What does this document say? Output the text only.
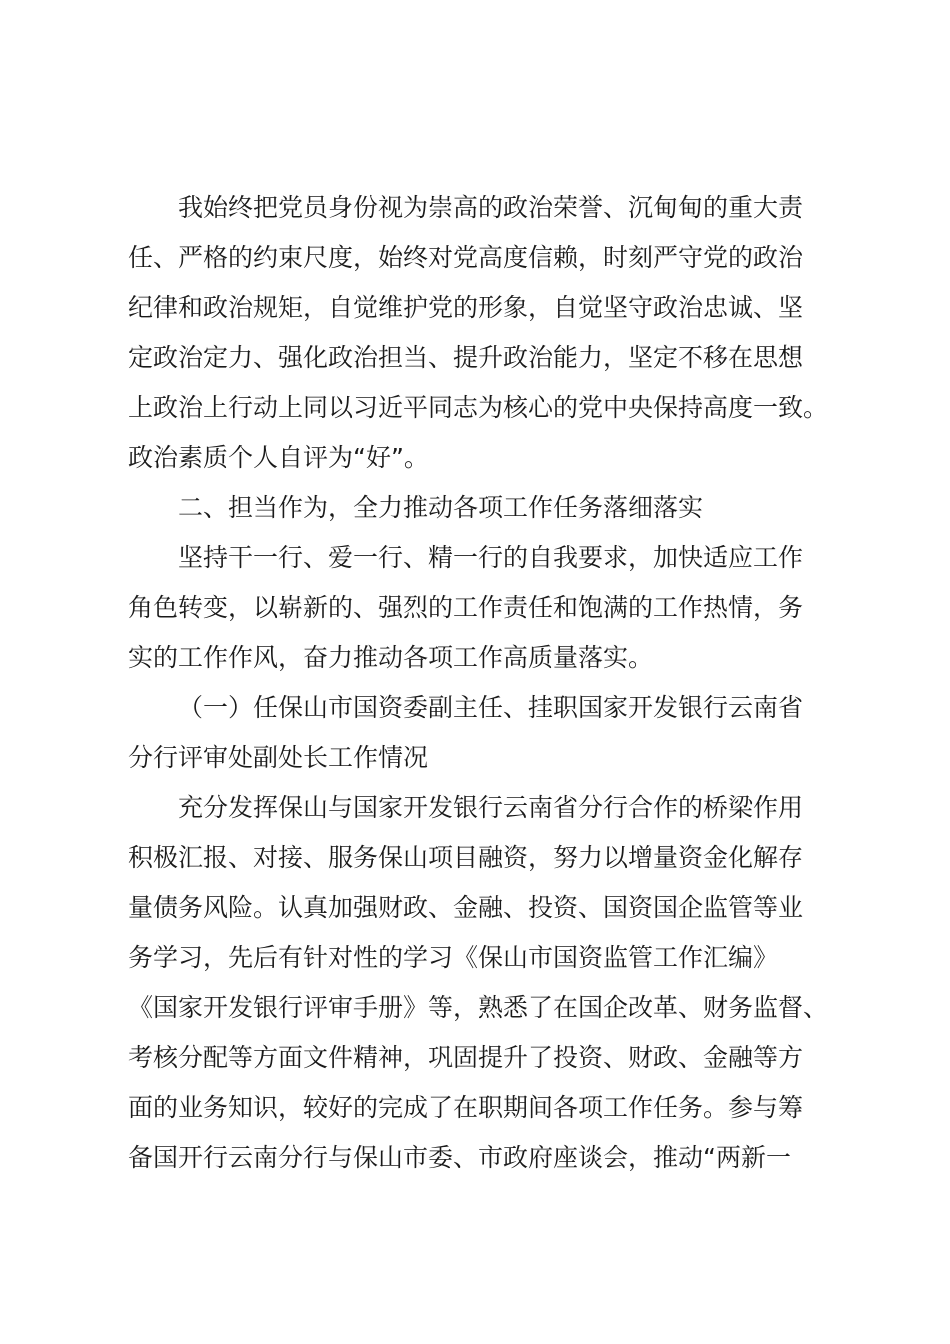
我始终把党员身份视为崇高的政治荣誉、沉甸甸的重大责
任、严格的约束尺度，始终对党高度信赖，时刻严守党的政治
纪律和政治规矩，自觉维护党的形象，自觉坚守政治忠诚、坚
定政治定力、强化政治担当、提升政治能力，坚定不移在思想
上政治上行动上同以习近平同志为核心的党中央保持高度一致。
政治素质个人自评为“好”。
二、担当作为，全力推动各项工作任务落细落实
坚持干一行、爱一行、精一行的自我要求，加快适应工作
角色转变，以崭新的、强烈的工作责任和饱满的工作热情，务
实的工作作风，奋力推动各项工作高质量落实。
（一）任保山市国资委副主任、挂职国家开发银行云南省
分行评审处副处长工作情况
充分发挥保山与国家开发银行云南省分行合作的桥梁作用
积极汇报、对接、服务保山项目融资，努力以增量资金化解存
量债务风险。认真加强财政、金融、投资、国资国企监管等业
务学习，先后有针对性的学习《保山市国资监管工作汇编》
《国家开发银行评审手册》等，熟悉了在国企改革、财务监督、
考核分配等方面文件精神，巩固提升了投资、财政、金融等方
面的业务知识，较好的完成了在职期间各项工作任务。参与筹
备国开行云南分行与保山市委、市政府座谈会，推动“两新一
